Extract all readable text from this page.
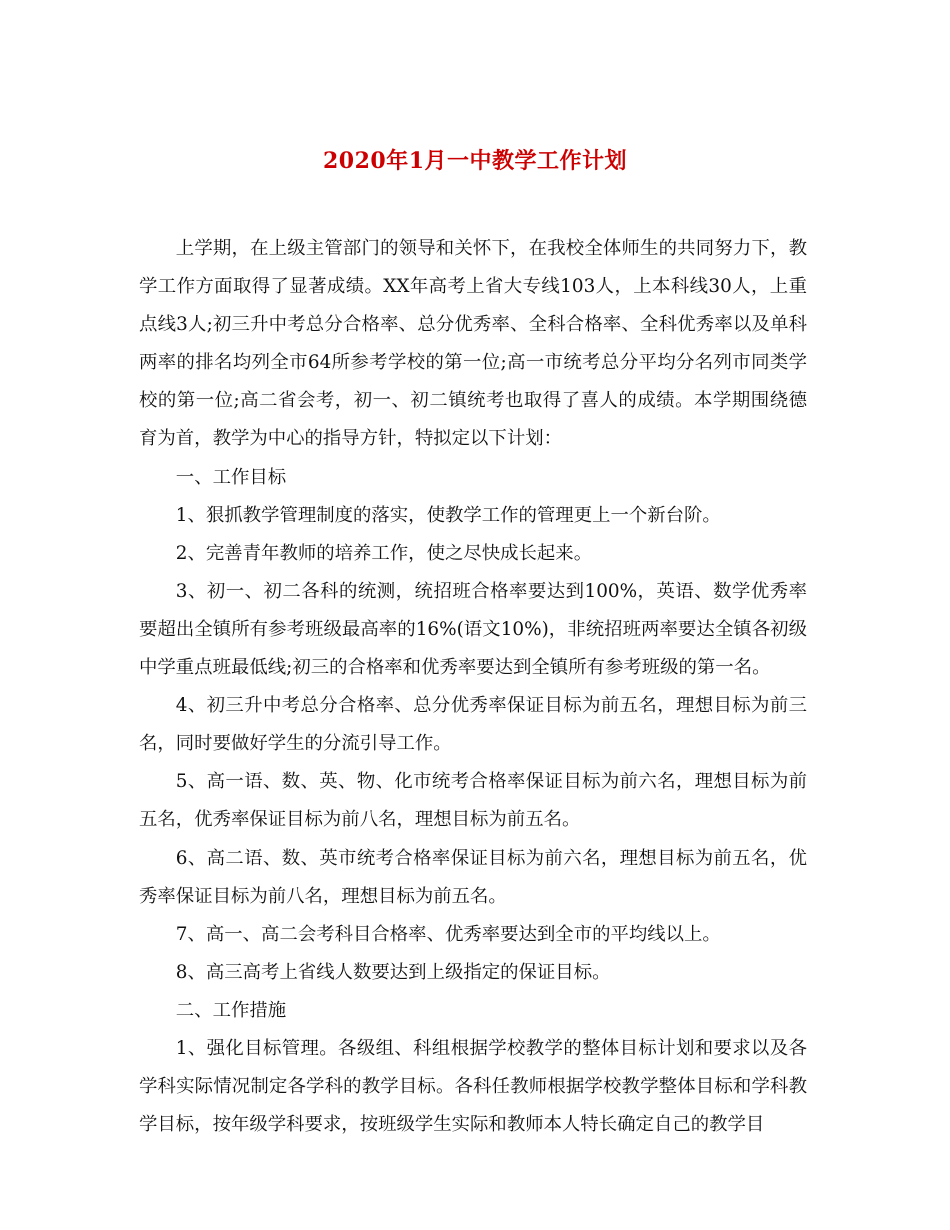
2020年1月一中教学工作计划

上学期，在上级主管部门的领导和关怀下，在我校全体师生的共同努力下，教学工作方面取得了显著成绩。XX年高考上省大专线103人，上本科线30人，上重点线3人;初三升中考总分合格率、总分优秀率、全科合格率、全科优秀率以及单科两率的排名均列全市64所参考学校的第一位;高一市统考总分平均分名列市同类学校的第一位;高二省会考，初一、初二镇统考也取得了喜人的成绩。本学期围绕德育为首，教学为中心的指导方针，特拟定以下计划：

一、工作目标

1、狠抓教学管理制度的落实，使教学工作的管理更上一个新台阶。

2、完善青年教师的培养工作，使之尽快成长起来。

3、初一、初二各科的统测，统招班合格率要达到100%，英语、数学优秀率要超出全镇所有参考班级最高率的16%(语文10%)，非统招班两率要达全镇各初级中学重点班最低线;初三的合格率和优秀率要达到全镇所有参考班级的第一名。

4、初三升中考总分合格率、总分优秀率保证目标为前五名，理想目标为前三名，同时要做好学生的分流引导工作。

5、高一语、数、英、物、化市统考合格率保证目标为前六名，理想目标为前五名，优秀率保证目标为前八名，理想目标为前五名。

6、高二语、数、英市统考合格率保证目标为前六名，理想目标为前五名，优秀率保证目标为前八名，理想目标为前五名。

7、高一、高二会考科目合格率、优秀率要达到全市的平均线以上。

8、高三高考上省线人数要达到上级指定的保证目标。

二、工作措施

1、强化目标管理。各级组、科组根据学校教学的整体目标计划和要求以及各学科实际情况制定各学科的教学目标。各科任教师根据学校教学整体目标和学科教学目标，按年级学科要求，按班级学生实际和教师本人特长确定自己的教学目
